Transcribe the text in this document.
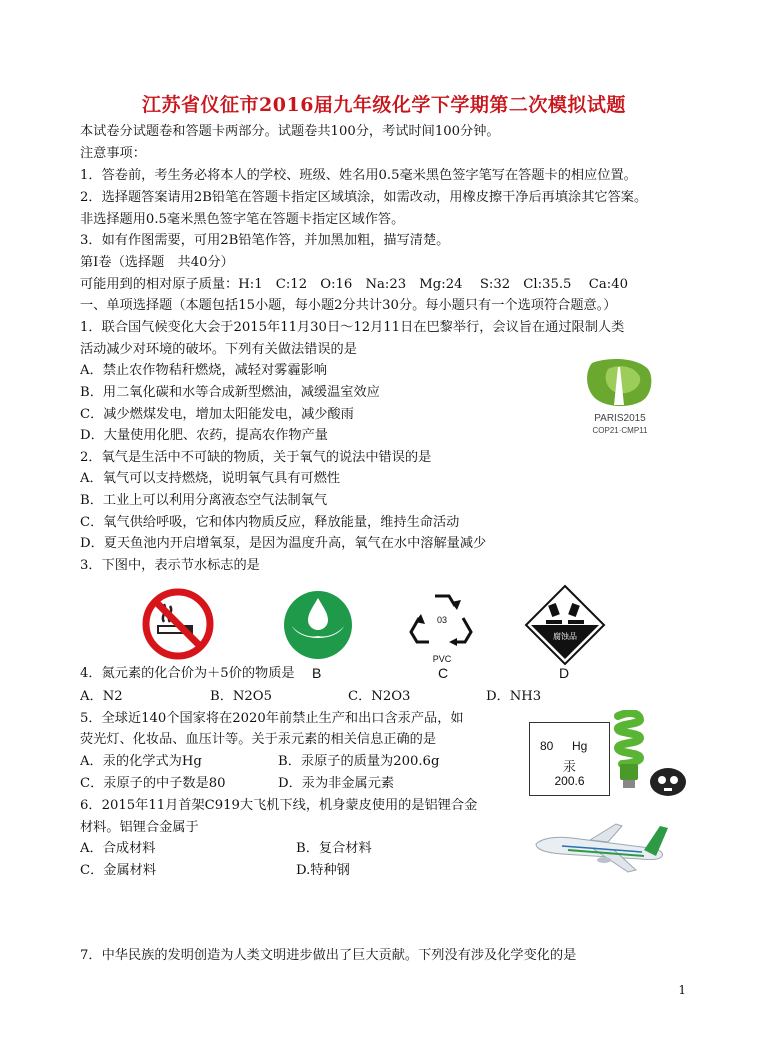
江苏省仪征市2016届九年级化学下学期第二次模拟试题
本试卷分试题卷和答题卡两部分。试题卷共100分，考试时间100分钟。
注意事项：
1．答卷前，考生务必将本人的学校、班级、姓名用0.5毫米黑色签字笔写在答题卡的相应位置。
2．选择题答案请用2B铅笔在答题卡指定区域填涂，如需改动，用橡皮擦干净后再填涂其它答案。
非选择题用0.5毫米黑色签字笔在答题卡指定区域作答。
3．如有作图需要，可用2B铅笔作答，并加黑加粗，描写清楚。
第Ⅰ卷（选择题　共40分）
可能用到的相对原子质量：H:1　C:12　O:16　Na:23　Mg:24　 S:32　Cl:35.5　 Ca:40
一、单项选择题（本题包括15小题，每小题2分共计30分。每小题只有一个选项符合题意。）
1．联合国气候变化大会于2015年11月30日～12月11日在巴黎举行，会议旨在通过限制人类
活动减少对环境的破坏。下列有关做法错误的是
A．禁止农作物秸秆燃烧，减轻对雾霾影响
B．用二氧化碳和水等合成新型燃油，减缓温室效应
C．减少燃煤发电，增加太阳能发电，减少酸雨
D．大量使用化肥、农药，提高农作物产量
PARIS2015
COP21·CMP11
2．氧气是生活中不可缺的物质，关于氧气的说法中错误的是
A．氧气可以支持燃烧，说明氧气具有可燃性
B．工业上可以利用分离液态空气法制氧气
C．氧气供给呼吸，它和体内物质反应，释放能量，维持生命活动
D．夏天鱼池内开启增氧泵，是因为温度升高，氧气在水中溶解量减少
3．下图中，表示节水标志的是
03
PVC
腐蚀品
B	C	D
4．氮元素的化合价为＋5价的物质是
A．N2	B．N2O5	C．N2O3	D．NH3
5．全球近140个国家将在2020年前禁止生产和出口含汞产品，如
荧光灯、化妆品、血压计等。关于汞元素的相关信息正确的是
A．汞的化学式为Hg	B．汞原子的质量为200.6g
C．汞原子的中子数是80	D．汞为非金属元素
80 Hg
汞
200.6
6．2015年11月首架C919大飞机下线，机身蒙皮使用的是铝锂合金
材料。铝锂合金属于
A．合成材料	B．复合材料
C．金属材料	D.特种钢
7．中华民族的发明创造为人类文明进步做出了巨大贡献。下列没有涉及化学变化的是
1
